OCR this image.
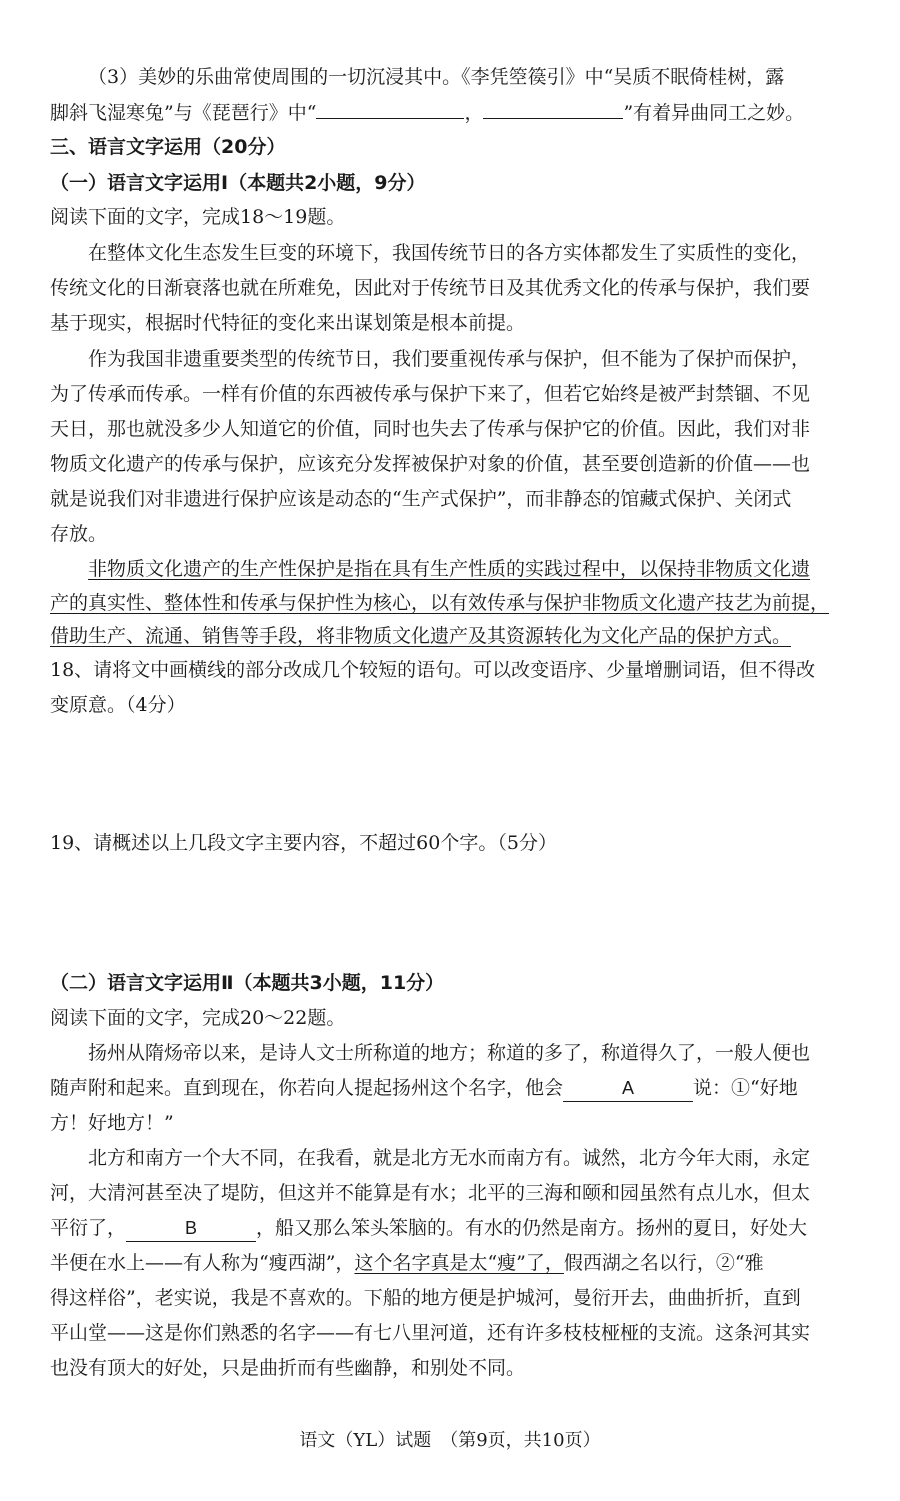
（3）美妙的乐曲常使周围的一切沉浸其中。《李凭箜篌引》中“吴质不眠倚桂树，露
脚斜飞湿寒兔”与《琵琶行》中“	，	”有着异曲同工之妙。
三、语言文字运用（20分）
（一）语言文字运用Ⅰ（本题共2小题，9分）
阅读下面的文字，完成18～19题。
在整体文化生态发生巨变的环境下，我国传统节日的各方实体都发生了实质性的变化，
传统文化的日渐衰落也就在所难免，因此对于传统节日及其优秀文化的传承与保护，我们要
基于现实，根据时代特征的变化来出谋划策是根本前提。
作为我国非遗重要类型的传统节日，我们要重视传承与保护，但不能为了保护而保护，
为了传承而传承。一样有价值的东西被传承与保护下来了，但若它始终是被严封禁锢、不见
天日，那也就没多少人知道它的价值，同时也失去了传承与保护它的价值。因此，我们对非
物质文化遗产的传承与保护，应该充分发挥被保护对象的价值，甚至要创造新的价值——也
就是说我们对非遗进行保护应该是动态的“生产式保护”，而非静态的馆藏式保护、关闭式
存放。
非物质文化遗产的生产性保护是指在具有生产性质的实践过程中，以保持非物质文化遗
产的真实性、整体性和传承与保护性为核心，以有效传承与保护非物质文化遗产技艺为前提，
借助生产、流通、销售等手段，将非物质文化遗产及其资源转化为文化产品的保护方式。
18、请将文中画横线的部分改成几个较短的语句。可以改变语序、少量增删词语，但不得改
变原意。（4分）
19、请概述以上几段文字主要内容，不超过60个字。（5分）
（二）语言文字运用Ⅱ（本题共3小题，11分）
阅读下面的文字，完成20～22题。
扬州从隋炀帝以来，是诗人文士所称道的地方；称道的多了，称道得久了，一般人便也
随声附和起来。直到现在，你若向人提起扬州这个名字，他会	A	说：①“好地
方！好地方！”
北方和南方一个大不同，在我看，就是北方无水而南方有。诚然，北方今年大雨，永定
河，大清河甚至决了堤防，但这并不能算是有水；北平的三海和颐和园虽然有点儿水，但太
平衍了，	B	，船又那么笨头笨脑的。有水的仍然是南方。扬州的夏日，好处大
半便在水上——有人称为“瘦西湖”，这个名字真是太“瘦”了，假西湖之名以行，②“雅
得这样俗”，老实说，我是不喜欢的。下船的地方便是护城河，曼衍开去，曲曲折折，直到
平山堂——这是你们熟悉的名字——有七八里河道，还有许多枝枝桠桠的支流。这条河其实
也没有顶大的好处，只是曲折而有些幽静，和别处不同。
语文（YL）试题　（第9页，共10页）
